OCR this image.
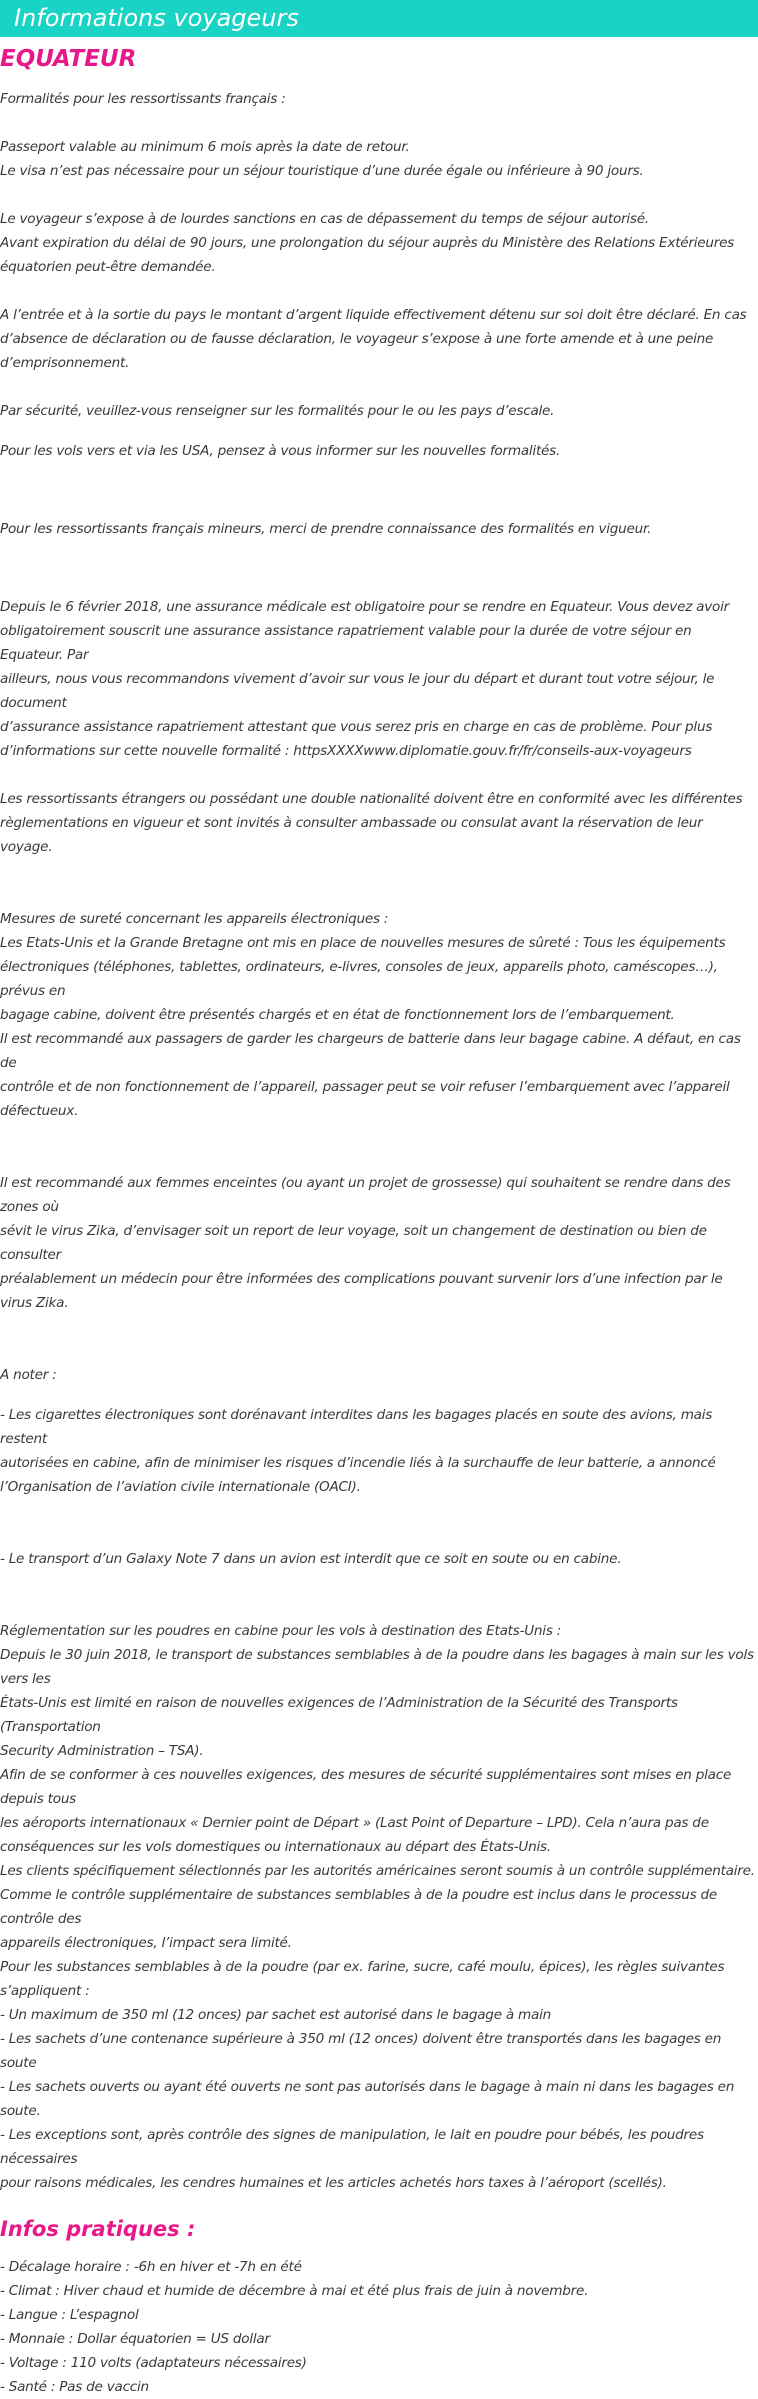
Informations voyageurs
EQUATEUR

Formalités pour les ressortissants français :

Passeport valable au minimum 6 mois après la date de retour.
Le visa n’est pas nécessaire pour un séjour touristique d’une durée égale ou inférieure à 90 jours.

Le voyageur s’expose à de lourdes sanctions en cas de dépassement du temps de séjour autorisé.
Avant expiration du délai de 90 jours, une prolongation du séjour auprès du Ministère des Relations Extérieures
équatorien peut-être demandée.

A l’entrée et à la sortie du pays le montant d’argent liquide effectivement détenu sur soi doit être déclaré. En cas
d’absence de déclaration ou de fausse déclaration, le voyageur s’expose à une forte amende et à une peine
d’emprisonnement.

Par sécurité, veuillez-vous renseigner sur les formalités pour le ou les pays d’escale.

Pour les vols vers et via les USA, pensez à vous informer sur les nouvelles formalités.

Pour les ressortissants français mineurs, merci de prendre connaissance des formalités en vigueur.

Depuis le 6 février 2018, une assurance médicale est obligatoire pour se rendre en Equateur. Vous devez avoir
obligatoirement souscrit une assurance assistance rapatriement valable pour la durée de votre séjour en Equateur. Par
ailleurs, nous vous recommandons vivement d’avoir sur vous le jour du départ et durant tout votre séjour, le document
d’assurance assistance rapatriement attestant que vous serez pris en charge en cas de problème. Pour plus
d’informations sur cette nouvelle formalité : httpsXXXXwww.diplomatie.gouv.fr/fr/conseils-aux-voyageurs

Les ressortissants étrangers ou possédant une double nationalité doivent être en conformité avec les différentes
règlementations en vigueur et sont invités à consulter ambassade ou consulat avant la réservation de leur voyage.

Mesures de sureté concernant les appareils électroniques :
Les Etats-Unis et la Grande Bretagne ont mis en place de nouvelles mesures de sûreté : Tous les équipements
électroniques (téléphones, tablettes, ordinateurs, e-livres, consoles de jeux, appareils photo, caméscopes…), prévus en
bagage cabine, doivent être présentés chargés et en état de fonctionnement lors de l’embarquement.
Il est recommandé aux passagers de garder les chargeurs de batterie dans leur bagage cabine. A défaut, en cas de
contrôle et de non fonctionnement de l’appareil, passager peut se voir refuser l’embarquement avec l’appareil
défectueux.

Il est recommandé aux femmes enceintes (ou ayant un projet de grossesse) qui souhaitent se rendre dans des zones où
sévit le virus Zika, d’envisager soit un report de leur voyage, soit un changement de destination ou bien de consulter
préalablement un médecin pour être informées des complications pouvant survenir lors d’une infection par le virus Zika.

A noter :

- Les cigarettes électroniques sont dorénavant interdites dans les bagages placés en soute des avions, mais restent
autorisées en cabine, afin de minimiser les risques d’incendie liés à la surchauffe de leur batterie, a annoncé
l’Organisation de l’aviation civile internationale (OACI).

- Le transport d’un Galaxy Note 7 dans un avion est interdit que ce soit en soute ou en cabine.

Réglementation sur les poudres en cabine pour les vols à destination des Etats-Unis :
Depuis le 30 juin 2018, le transport de substances semblables à de la poudre dans les bagages à main sur les vols vers les
États-Unis est limité en raison de nouvelles exigences de l’Administration de la Sécurité des Transports (Transportation
Security Administration – TSA).
Afin de se conformer à ces nouvelles exigences, des mesures de sécurité supplémentaires sont mises en place depuis tous
les aéroports internationaux « Dernier point de Départ » (Last Point of Departure – LPD). Cela n’aura pas de
conséquences sur les vols domestiques ou internationaux au départ des États-Unis.
Les clients spécifiquement sélectionnés par les autorités américaines seront soumis à un contrôle supplémentaire.
Comme le contrôle supplémentaire de substances semblables à de la poudre est inclus dans le processus de contrôle des
appareils électroniques, l’impact sera limité.
Pour les substances semblables à de la poudre (par ex. farine, sucre, café moulu, épices), les règles suivantes s’appliquent :
- Un maximum de 350 ml (12 onces) par sachet est autorisé dans le bagage à main
- Les sachets d’une contenance supérieure à 350 ml (12 onces) doivent être transportés dans les bagages en soute
- Les sachets ouverts ou ayant été ouverts ne sont pas autorisés dans le bagage à main ni dans les bagages en soute.
- Les exceptions sont, après contrôle des signes de manipulation, le lait en poudre pour bébés, les poudres nécessaires
pour raisons médicales, les cendres humaines et les articles achetés hors taxes à l’aéroport (scellés).

Infos pratiques :

- Décalage horaire : -6h en hiver et -7h en été

- Climat : Hiver chaud et humide de décembre à mai et été plus frais de juin à novembre.

- Langue : L’espagnol

- Monnaie : Dollar équatorien = US dollar

- Voltage : 110 volts (adaptateurs nécessaires)

- Santé : Pas de vaccin
